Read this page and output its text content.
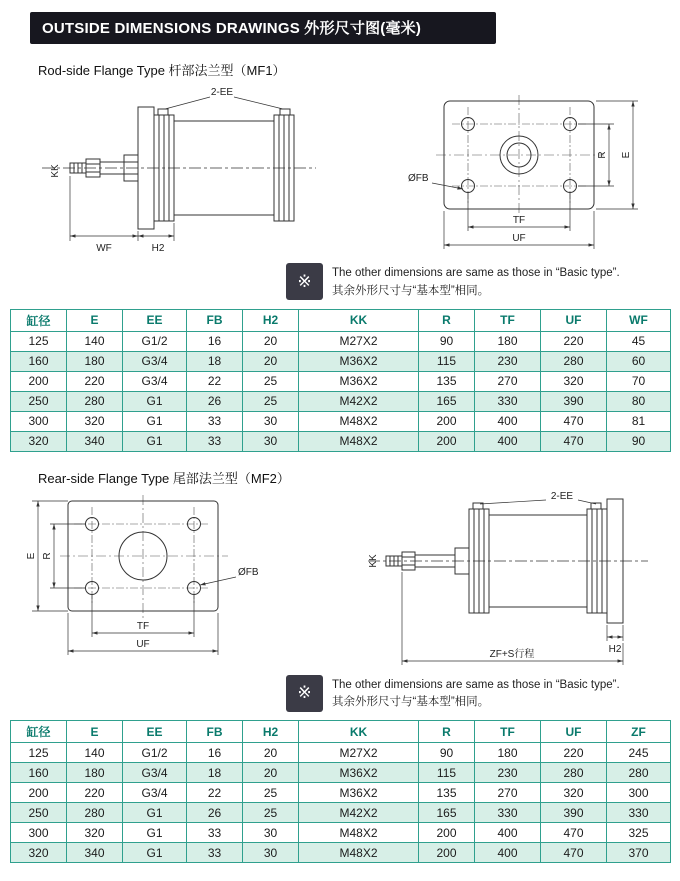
OUTSIDE DIMENSIONS DRAWINGS 外形尺寸图(毫米)
Rod-side Flange Type 杆部法兰型（MF1）
2-EE
KK
WF	H2
ØFB
R E
TF
UF
※	The other dimensions are same as those in “Basic type”.
其余外形尺寸与“基本型”相同。
缸径	E	EE	FB	H2	KK	R	TF	UF	WF
125	140	G1/2	16	20	M27X2	90	180	220	45
160	180	G3/4	18	20	M36X2	115	230	280	60
200	220	G3/4	22	25	M36X2	135	270	320	70
250	280	G1	26	25	M42X2	165	330	390	80
300	320	G1	33	30	M48X2	200	400	470	81
320	340	G1	33	30	M48X2	200	400	470	90
Rear-side Flange Type 尾部法兰型（MF2）
E R
ØFB
TF
UF
2-EE
KK
H2
ZF+S行程
※	The other dimensions are same as those in “Basic type”.
其余外形尺寸与“基本型”相同。
缸径	E	EE	FB	H2	KK	R	TF	UF	ZF
125	140	G1/2	16	20	M27X2	90	180	220	245
160	180	G3/4	18	20	M36X2	115	230	280	280
200	220	G3/4	22	25	M36X2	135	270	320	300
250	280	G1	26	25	M42X2	165	330	390	330
300	320	G1	33	30	M48X2	200	400	470	325
320	340	G1	33	30	M48X2	200	400	470	370
